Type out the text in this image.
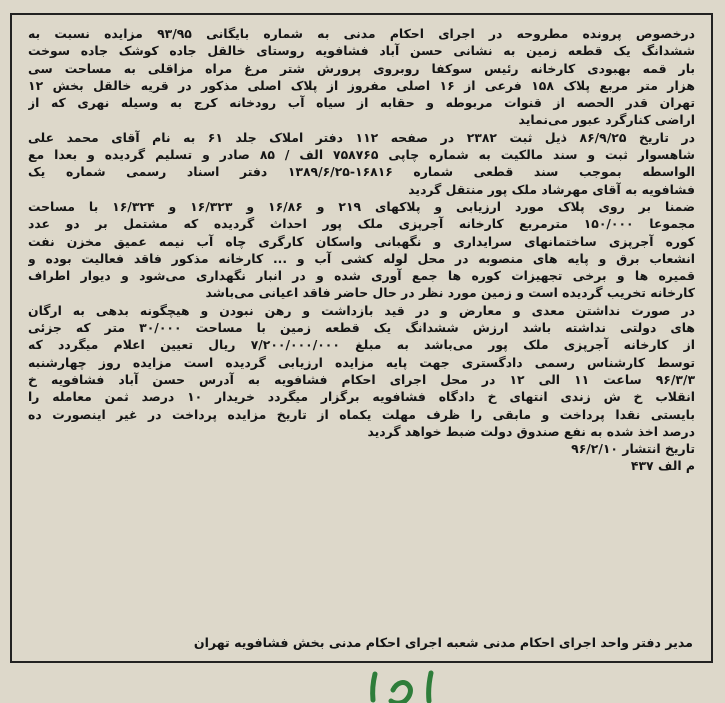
درخصوص پرونده مطروحه در اجرای احکام مدنی به شماره بایگانی ۹۳/۹۵ مزایده نسبت به
ششدانگ یک قطعه زمین به نشانی حسن آباد فشافویه روستای خالقل جاده کوشک جاده سوخت
بار قمه بهبودی کارخانه رئیس سوکفا روبروی پرورش شتر مرغ مراه مزاقلی به مساحت سی
هزار متر مربع پلاک ۱۵۸ فرعی از ۱۶ اصلی مفروز از پلاک اصلی مذکور در قریه خالقل بخش ۱۲
تهران قدر الحصه از قنوات مربوطه و حقابه از سیاه آب رودخانه کرج به وسیله نهری که از
اراضی کنارگرد عبور می‌نماید
در تاریخ ۸۶/۹/۲۵ ذیل ثبت ۲۳۸۲ در صفحه ۱۱۲ دفتر املاک جلد ۶۱ به نام آقای محمد علی
شاهسوار ثبت و سند مالکیت به شماره چاپی ۷۵۸۷۶۵ الف / ۸۵ صادر و تسلیم گردیده و بعدا مع
الواسطه بموجب سند قطعی شماره ۱۶۸۱۶-۱۳۸۹/۶/۲۵ دفتر اسناد رسمی شماره یک
فشافویه به آقای مهرشاد ملک پور منتقل گردید
ضمنا بر روی پلاک مورد ارزیابی و پلاکهای ۲۱۹ و ۱۶/۸۶ و ۱۶/۳۲۳ و ۱۶/۳۲۴ با مساحت
مجموعا ۱۵۰/۰۰۰ مترمربع کارخانه آجرپزی ملک پور احداث گردیده که مشتمل بر دو عدد
کوره آجرپزی ساختمانهای سرایداری و نگهبانی واسکان کارگری چاه آب نیمه عمیق مخزن نفت
انشعاب برق و پایه های منصوبه در محل لوله کشی آب و ... کارخانه مذکور فاقد فعالیت بوده و
قمیره ها و برخی تجهیزات کوره ها جمع آوری شده و در انبار نگهداری می‌شود و دیوار اطراف
کارخانه تخریب گردیده است و زمین مورد نظر در حال حاضر فاقد اعیانی می‌باشد
در صورت نداشتن معدی و معارض و در قید بازداشت و رهن نبودن و هیچگونه بدهی به ارگان
های دولتی نداشته باشد ارزش ششدانگ یک قطعه زمین با مساحت ۳۰/۰۰۰ متر که جزئی
از کارخانه آجرپزی ملک پور می‌باشد به مبلغ ۷/۲۰۰/۰۰۰/۰۰۰ ریال تعیین اعلام میگردد که
توسط کارشناس رسمی دادگستری جهت پایه مزایده ارزیابی گردیده است مزایده روز چهارشنبه
۹۶/۳/۳ ساعت ۱۱ الی ۱۲ در محل اجرای احکام فشافویه به آدرس حسن آباد فشافویه خ
انقلاب خ ش زندی انتهای خ دادگاه فشافویه برگزار میگردد خریدار ۱۰ درصد ثمن معامله را
بایستی نقدا پرداخت و مابقی را ظرف مهلت یکماه از تاریخ مزایده پرداخت در غیر اینصورت ده
درصد اخذ شده به نفع صندوق دولت ضبط خواهد گردید
تاریخ انتشار ۹۶/۲/۱۰
م الف ۴۳۷
مدیر دفتر واحد اجرای احکام مدنی شعبه اجرای احکام مدنی بخش فشافویه تهران
